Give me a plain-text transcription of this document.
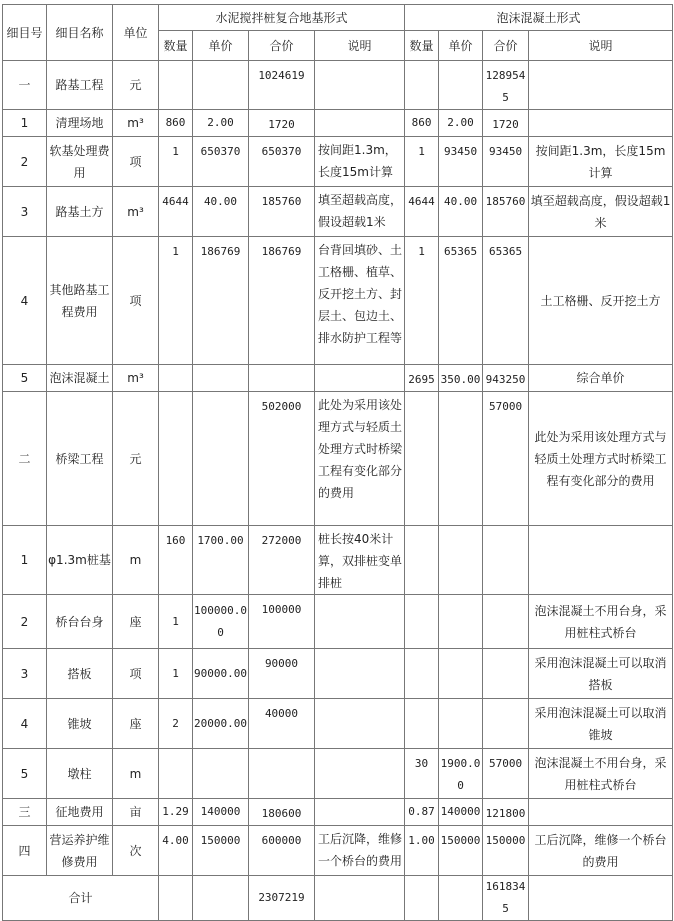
细目号	细目名称	单位	水泥搅拌桩复合地基形式				泡沫混凝土形式			
			数量	单价	合价	说明	数量	单价	合价	说明
一	路基工程	元			1024619				1289545	
1	清理场地	m³	860	2.00	1720		860	2.00	1720	
2	软基处理费用	项	1	650370	650370	按间距1.3m，长度15m计算	1	93450	93450	按间距1.3m，长度15m计算
3	路基土方	m³	4644	40.00	185760	填至超载高度，假设超载1米	4644	40.00	185760	填至超载高度，假设超载1米
4	其他路基工程费用	项	1	186769	186769	台背回填砂、土工格栅、植草、反开挖土方、封层土、包边土、排水防护工程等	1	65365	65365	土工格栅、反开挖土方
5	泡沫混凝土	m³					2695	350.00	943250	综合单价
二	桥梁工程	元			502000	此处为采用该处理方式与轻质土处理方式时桥梁工程有变化部分的费用			57000	此处为采用该处理方式与轻质土处理方式时桥梁工程有变化部分的费用
1	φ1.3m桩基	m	160	1700.00	272000	桩长按40米计算，双排桩变单排桩				
2	桥台台身	座	1	100000.00	100000					泡沫混凝土不用台身，采用桩柱式桥台
3	搭板	项	1	90000.00	90000					采用泡沫混凝土可以取消搭板
4	锥坡	座	2	20000.00	40000					采用泡沫混凝土可以取消锥坡
5	墩柱	m					30	1900.00	57000	泡沫混凝土不用台身，采用桩柱式桥台
三	征地费用	亩	1.29	140000	180600		0.87	140000	121800	
四	营运养护维修费用	次	4.00	150000	600000	工后沉降，维修一个桥台的费用	1.00	150000	150000	工后沉降，维修一个桥台的费用
合计					2307219				1618345	
